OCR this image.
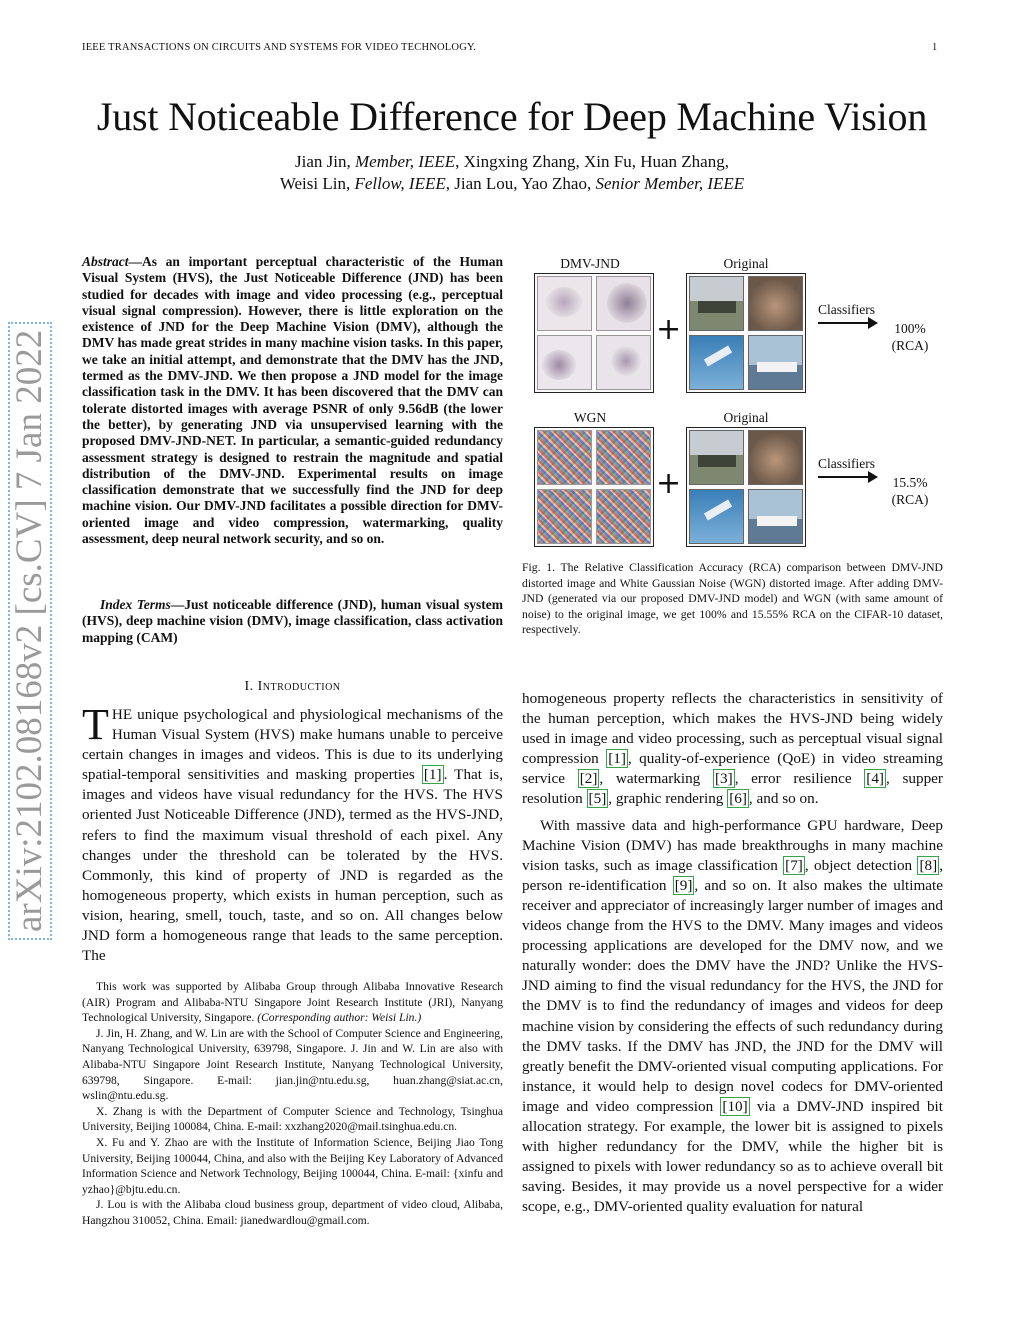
IEEE TRANSACTIONS ON CIRCUITS AND SYSTEMS FOR VIDEO TECHNOLOGY.	1
Just Noticeable Difference for Deep Machine Vision
Jian Jin, Member, IEEE, Xingxing Zhang, Xin Fu, Huan Zhang,
Weisi Lin, Fellow, IEEE, Jian Lou, Yao Zhao, Senior Member, IEEE
arXiv:2102.08168v2 [cs.CV] 7 Jan 2022
Abstract—As an important perceptual characteristic of the Human Visual System (HVS), the Just Noticeable Difference (JND) has been studied for decades with image and video processing (e.g., perceptual visual signal compression). However, there is little exploration on the existence of JND for the Deep Machine Vision (DMV), although the DMV has made great strides in many machine vision tasks. In this paper, we take an initial attempt, and demonstrate that the DMV has the JND, termed as the DMV-JND. We then propose a JND model for the image classification task in the DMV. It has been discovered that the DMV can tolerate distorted images with average PSNR of only 9.56dB (the lower the better), by generating JND via unsupervised learning with the proposed DMV-JND-NET. In particular, a semantic-guided redundancy assessment strategy is designed to restrain the magnitude and spatial distribution of the DMV-JND. Experimental results on image classification demonstrate that we successfully find the JND for deep machine vision. Our DMV-JND facilitates a possible direction for DMV-oriented image and video compression, watermarking, quality assessment, deep neural network security, and so on.
Index Terms—Just noticeable difference (JND), human visual system (HVS), deep machine vision (DMV), image classification, class activation mapping (CAM)
DMV-JND	Original
+
Classifiers
100%
(RCA)
WGN	Original
+
Classifiers
15.5%
(RCA)
Fig. 1. The Relative Classification Accuracy (RCA) comparison between DMV-JND distorted image and White Gaussian Noise (WGN) distorted image. After adding DMV-JND (generated via our proposed DMV-JND model) and WGN (with same amount of noise) to the original image, we get 100% and 15.55% RCA on the CIFAR-10 dataset, respectively.
I. Introduction
THE unique psychological and physiological mechanisms of the Human Visual System (HVS) make humans unable to perceive certain changes in images and videos. This is due to its underlying spatial-temporal sensitivities and masking properties [1] . That is, images and videos have visual redundancy for the HVS. The HVS oriented Just Noticeable Difference (JND), termed as the HVS-JND, refers to find the maximum visual threshold of each pixel. Any changes under the threshold can be tolerated by the HVS. Commonly, this kind of property of JND is regarded as the homogeneous property, which exists in human perception, such as vision, hearing, smell, touch, taste, and so on. All changes below JND form a homogeneous range that leads to the same perception. The

This work was supported by Alibaba Group through Alibaba Innovative Research (AIR) Program and Alibaba-NTU Singapore Joint Research Institute (JRI), Nanyang Technological University, Singapore. (Corresponding author: Weisi Lin.)

J. Jin, H. Zhang, and W. Lin are with the School of Computer Science and Engineering, Nanyang Technological University, 639798, Singapore. J. Jin and W. Lin are also with Alibaba-NTU Singapore Joint Research Institute, Nanyang Technological University, 639798, Singapore. E-mail: jian.jin@ntu.edu.sg, huan.zhang@siat.ac.cn, wslin@ntu.edu.sg.

X. Zhang is with the Department of Computer Science and Technology, Tsinghua University, Beijing 100084, China. E-mail: xxzhang2020@mail.tsinghua.edu.cn.

X. Fu and Y. Zhao are with the Institute of Information Science, Beijing Jiao Tong University, Beijing 100044, China, and also with the Beijing Key Laboratory of Advanced Information Science and Network Technology, Beijing 100044, China. E-mail: {xinfu and yzhao}@bjtu.edu.cn.

J. Lou is with the Alibaba cloud business group, department of video cloud, Alibaba, Hangzhou 310052, China. Email: jianedwardlou@gmail.com.

homogeneous property reflects the characteristics in sensitivity of the human perception, which makes the HVS-JND being widely used in image and video processing, such as perceptual visual signal compression [1] , quality-of-experience (QoE) in video streaming service [2] , watermarking [3] , error resilience [4] , supper resolution [5] , graphic rendering [6] , and so on.

With massive data and high-performance GPU hardware, Deep Machine Vision (DMV) has made breakthroughs in many machine vision tasks, such as image classification [7] , object detection [8] , person re-identification [9] , and so on. It also makes the ultimate receiver and appreciator of increasingly larger number of images and videos change from the HVS to the DMV. Many images and videos processing applications are developed for the DMV now, and we naturally wonder: does the DMV have the JND? Unlike the HVS-JND aiming to find the visual redundancy for the HVS, the JND for the DMV is to find the redundancy of images and videos for deep machine vision by considering the effects of such redundancy during the DMV tasks. If the DMV has JND, the JND for the DMV will greatly benefit the DMV-oriented visual computing applications. For instance, it would help to design novel codecs for DMV-oriented image and video compression [10] via a DMV-JND inspired bit allocation strategy. For example, the lower bit is assigned to pixels with higher redundancy for the DMV, while the higher bit is assigned to pixels with lower redundancy so as to achieve overall bit saving. Besides, it may provide us a novel perspective for a wider scope, e.g., DMV-oriented quality evaluation for natural
